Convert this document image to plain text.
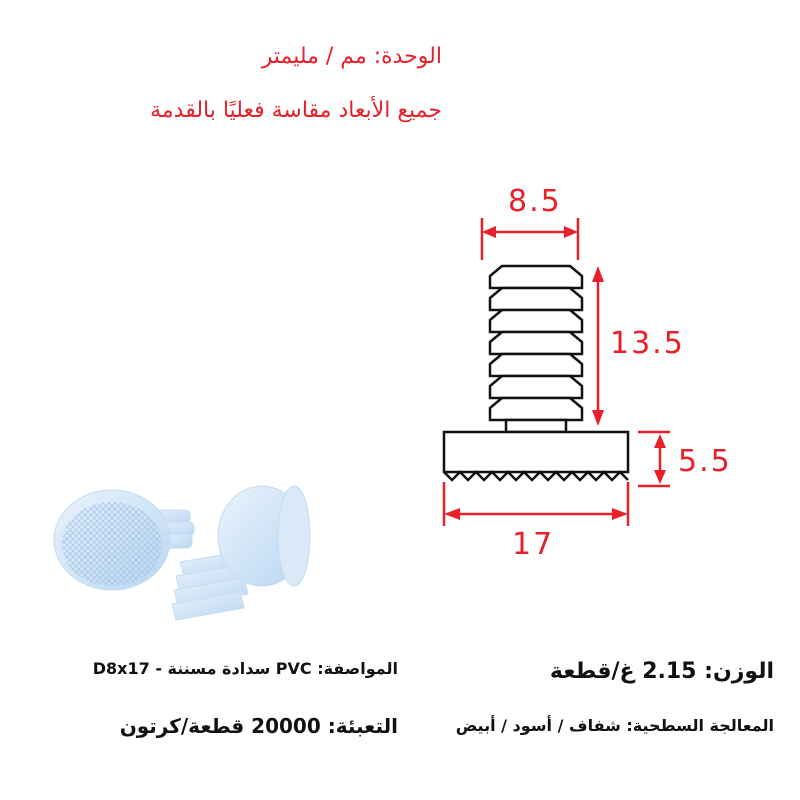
الوحدة: مم / مليمتر
جميع الأبعاد مقاسة فعليًا بالقدمة
8.5
13.5
5.5
17
المواصفة: PVC سدادة مسننة - D8x17	الوزن: 2.15 غ/قطعة
التعبئة: 20000 قطعة/كرتون	المعالجة السطحية: شفاف / أسود / أبيض
